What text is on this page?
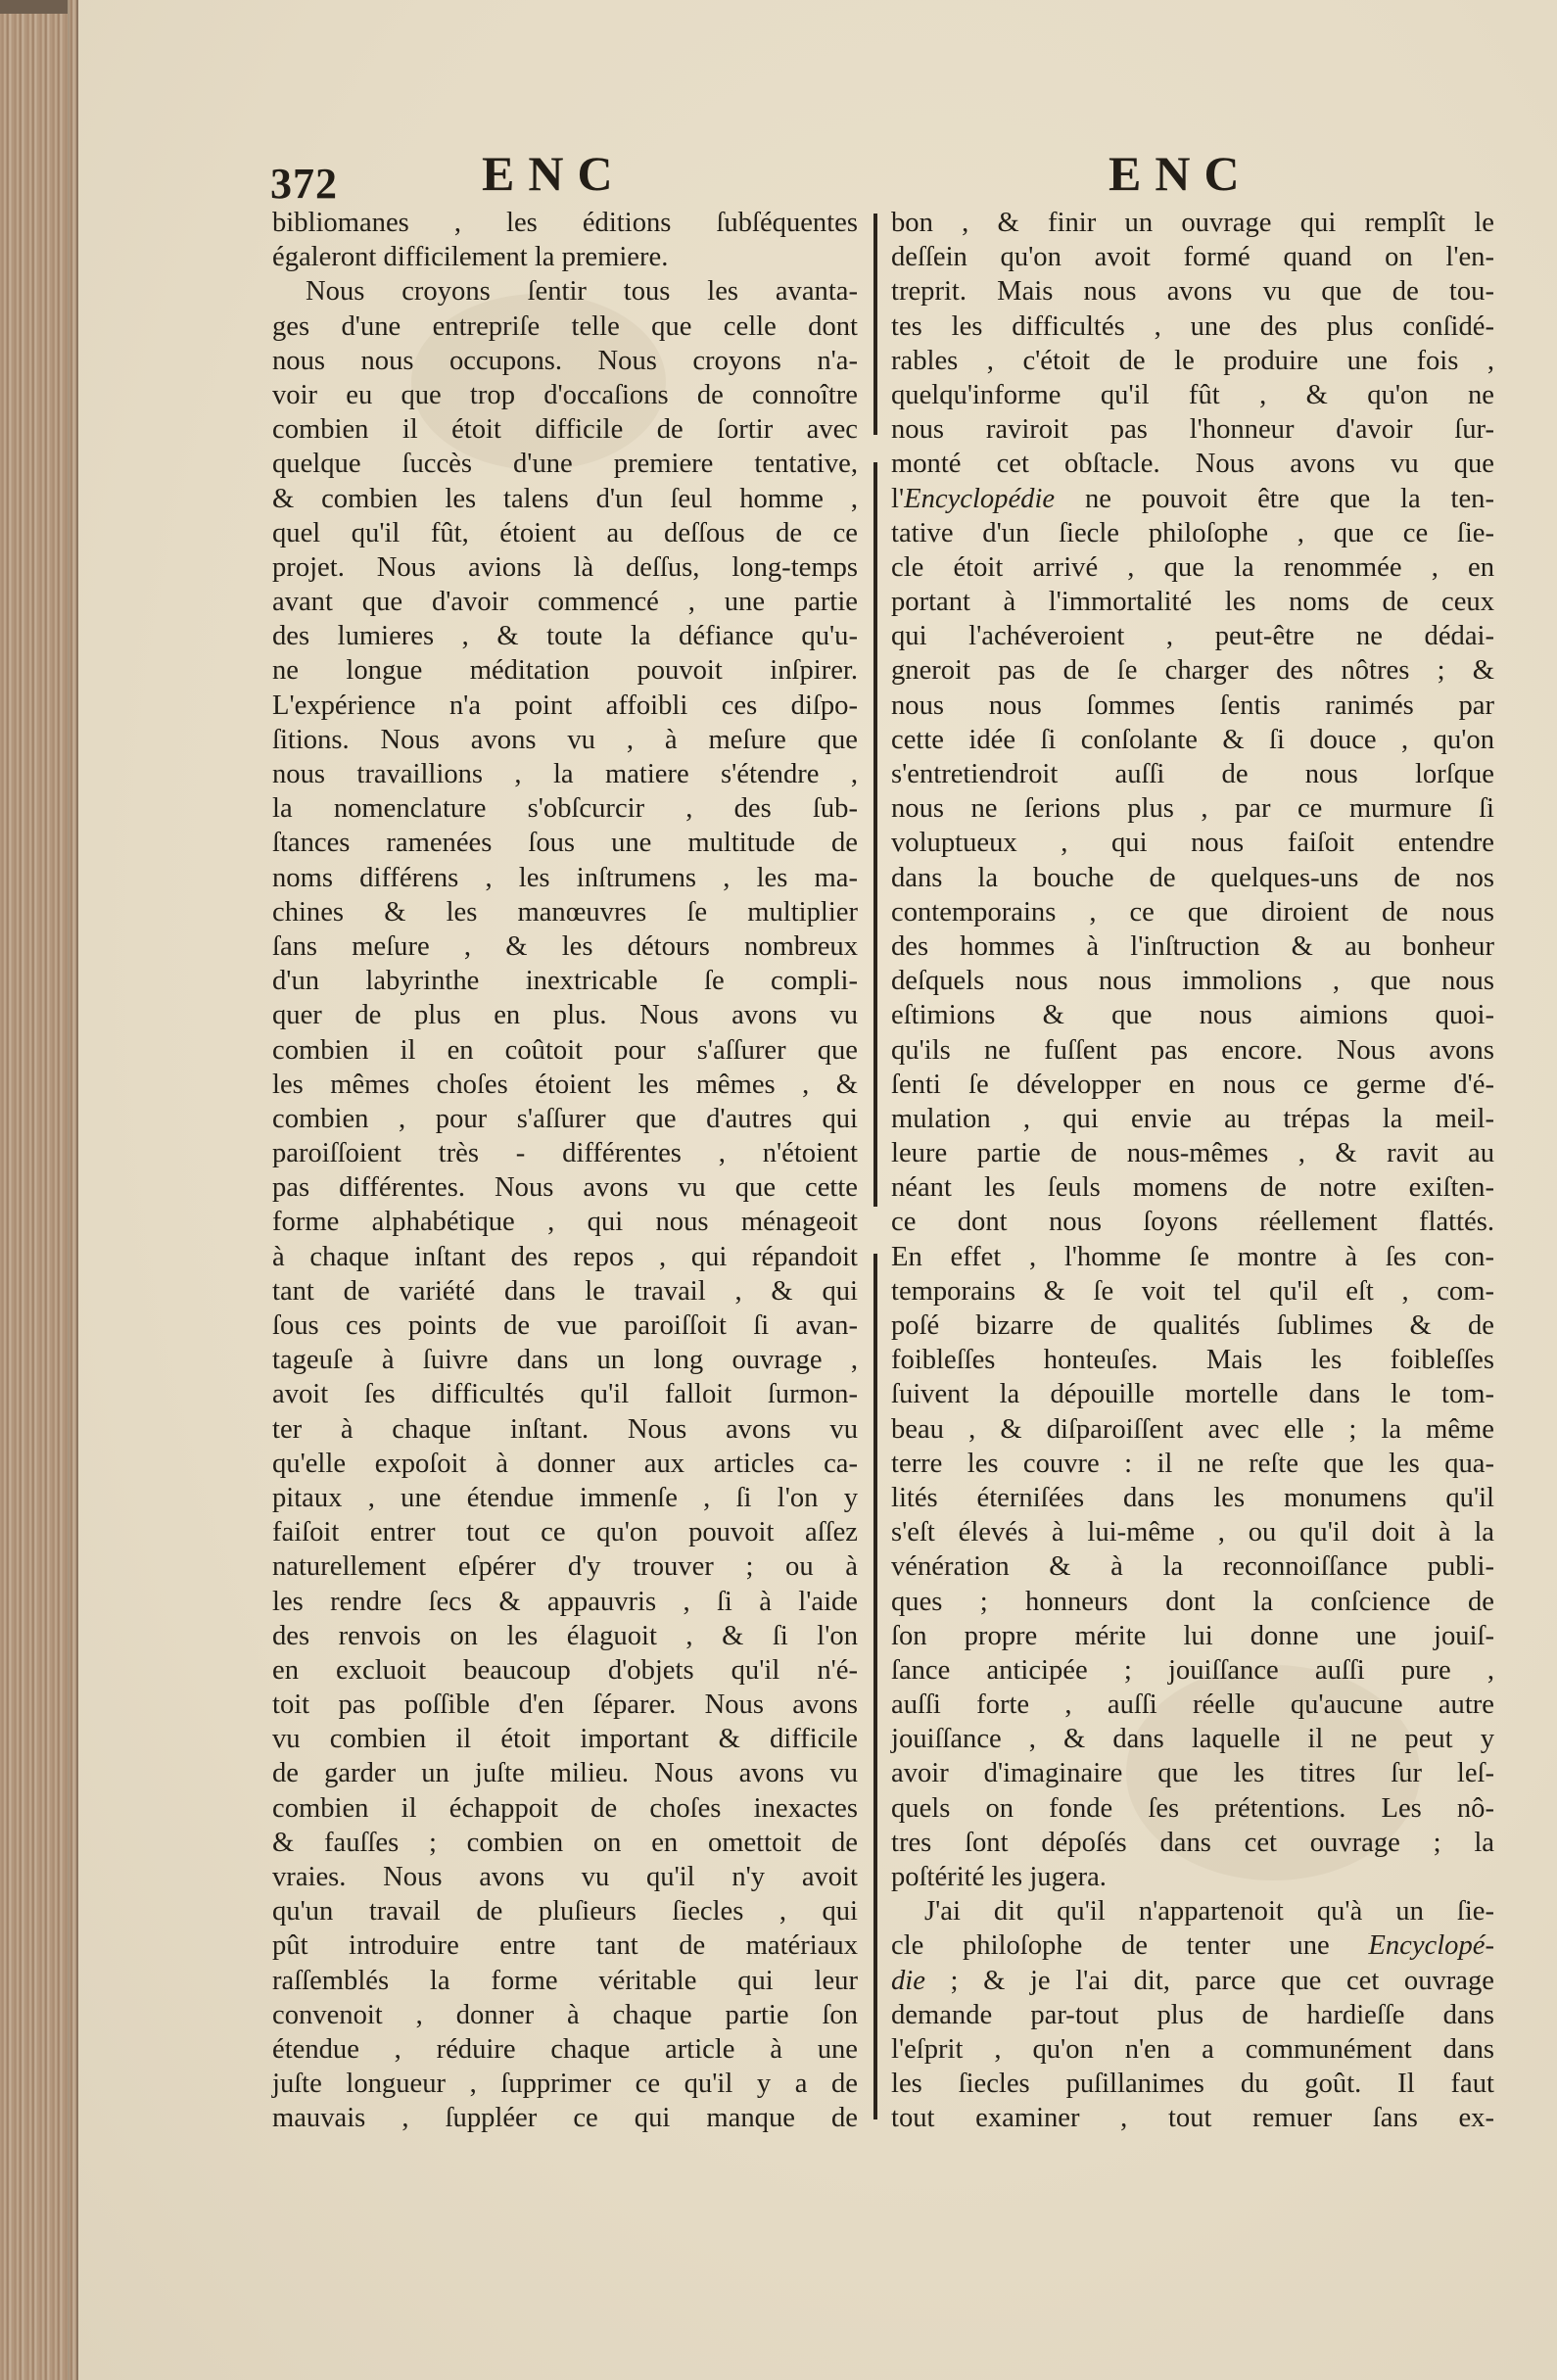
372	ENC	ENC
bibliomanes , les éditions ſubſéquentes
égaleront difficilement la premiere.
Nous croyons ſentir tous les avanta-
ges d'une entrepriſe telle que celle dont
nous nous occupons. Nous croyons n'a-
voir eu que trop d'occaſions de connoître
combien il étoit difficile de ſortir avec
quelque ſuccès d'une premiere tentative,
& combien les talens d'un ſeul homme ,
quel qu'il fût, étoient au deſſous de ce
projet. Nous avions là deſſus, long-temps
avant que d'avoir commencé , une partie
des lumieres , & toute la défiance qu'u-
ne longue méditation pouvoit inſpirer.
L'expérience n'a point affoibli ces diſpo-
ſitions. Nous avons vu , à meſure que
nous travaillions , la matiere s'étendre ,
la nomenclature s'obſcurcir , des ſub-
ſtances ramenées ſous une multitude de
noms différens , les inſtrumens , les ma-
chines & les manœuvres ſe multiplier
ſans meſure , & les détours nombreux
d'un labyrinthe inextricable ſe compli-
quer de plus en plus. Nous avons vu
combien il en coûtoit pour s'aſſurer que
les mêmes choſes étoient les mêmes , &
combien , pour s'aſſurer que d'autres qui
paroiſſoient très - différentes , n'étoient
pas différentes. Nous avons vu que cette
forme alphabétique , qui nous ménageoit
à chaque inſtant des repos , qui répandoit
tant de variété dans le travail , & qui
ſous ces points de vue paroiſſoit ſi avan-
tageuſe à ſuivre dans un long ouvrage ,
avoit ſes difficultés qu'il falloit ſurmon-
ter à chaque inſtant. Nous avons vu
qu'elle expoſoit à donner aux articles ca-
pitaux , une étendue immenſe , ſi l'on y
faiſoit entrer tout ce qu'on pouvoit aſſez
naturellement eſpérer d'y trouver ; ou à
les rendre ſecs & appauvris , ſi à l'aide
des renvois on les élaguoit , & ſi l'on
en excluoit beaucoup d'objets qu'il n'é-
toit pas poſſible d'en ſéparer. Nous avons
vu combien il étoit important & difficile
de garder un juſte milieu. Nous avons vu
combien il échappoit de choſes inexactes
& fauſſes ; combien on en omettoit de
vraies. Nous avons vu qu'il n'y avoit
qu'un travail de pluſieurs ſiecles , qui
pût introduire entre tant de matériaux
raſſemblés la forme véritable qui leur
convenoit , donner à chaque partie ſon
étendue , réduire chaque article à une
juſte longueur , ſupprimer ce qu'il y a de
mauvais , ſuppléer ce qui manque de
bon , & finir un ouvrage qui remplît le
deſſein qu'on avoit formé quand on l'en-
treprit. Mais nous avons vu que de tou-
tes les difficultés , une des plus conſidé-
rables , c'étoit de le produire une fois ,
quelqu'informe qu'il fût , & qu'on ne
nous raviroit pas l'honneur d'avoir ſur-
monté cet obſtacle. Nous avons vu que
l'Encyclopédie ne pouvoit être que la ten-
tative d'un ſiecle philoſophe , que ce ſie-
cle étoit arrivé , que la renommée , en
portant à l'immortalité les noms de ceux
qui l'achéveroient , peut-être ne dédai-
gneroit pas de ſe charger des nôtres ; &
nous nous ſommes ſentis ranimés par
cette idée ſi conſolante & ſi douce , qu'on
s'entretiendroit auſſi de nous lorſque
nous ne ſerions plus , par ce murmure ſi
voluptueux , qui nous faiſoit entendre
dans la bouche de quelques-uns de nos
contemporains , ce que diroient de nous
des hommes à l'inſtruction & au bonheur
deſquels nous nous immolions , que nous
eſtimions & que nous aimions quoi-
qu'ils ne fuſſent pas encore. Nous avons
ſenti ſe développer en nous ce germe d'é-
mulation , qui envie au trépas la meil-
leure partie de nous-mêmes , & ravit au
néant les ſeuls momens de notre exiſten-
ce dont nous ſoyons réellement flattés.
En effet , l'homme ſe montre à ſes con-
temporains & ſe voit tel qu'il eſt , com-
poſé bizarre de qualités ſublimes & de
foibleſſes honteuſes. Mais les foibleſſes
ſuivent la dépouille mortelle dans le tom-
beau , & diſparoiſſent avec elle ; la même
terre les couvre : il ne reſte que les qua-
lités éterniſées dans les monumens qu'il
s'eſt élevés à lui-même , ou qu'il doit à la
vénération & à la reconnoiſſance publi-
ques ; honneurs dont la conſcience de
ſon propre mérite lui donne une jouiſ-
ſance anticipée ; jouiſſance auſſi pure ,
auſſi forte , auſſi réelle qu'aucune autre
jouiſſance , & dans laquelle il ne peut y
avoir d'imaginaire que les titres ſur leſ-
quels on fonde ſes prétentions. Les nô-
tres ſont dépoſés dans cet ouvrage ; la
poſtérité les jugera.
J'ai dit qu'il n'appartenoit qu'à un ſie-
cle philoſophe de tenter une Encyclopé-
die ; & je l'ai dit, parce que cet ouvrage
demande par-tout plus de hardieſſe dans
l'eſprit , qu'on n'en a communément dans
les ſiecles puſillanimes du goût. Il faut
tout examiner , tout remuer ſans ex-
